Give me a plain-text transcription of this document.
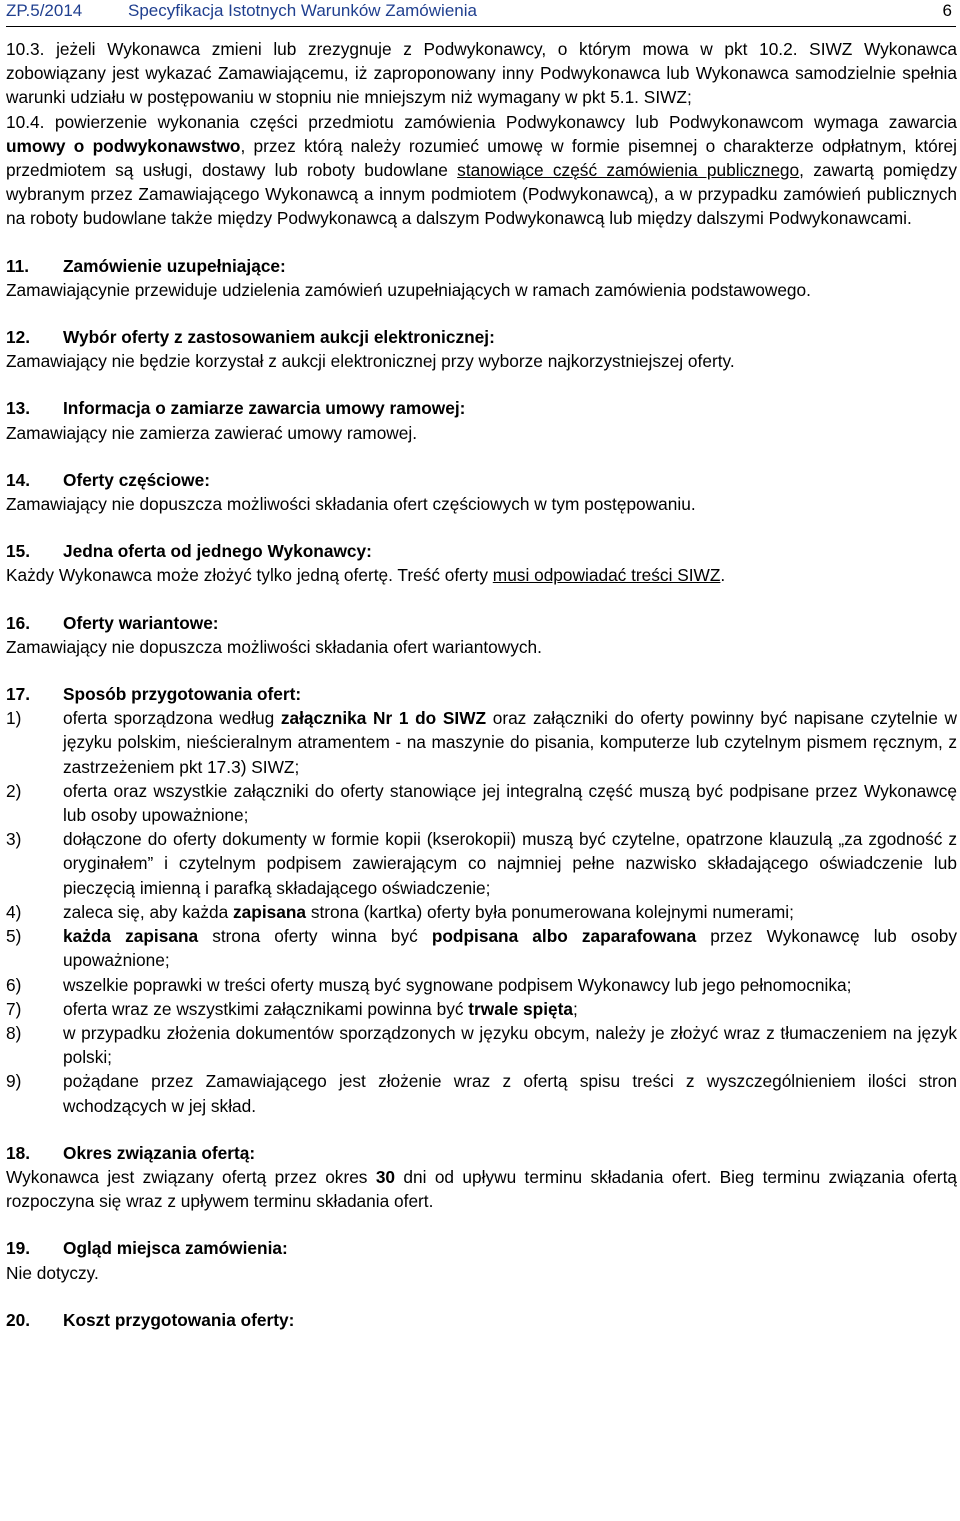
ZP.5/2014	Specyfikacja Istotnych Warunków Zamówienia	6
10.3. jeżeli Wykonawca zmieni lub zrezygnuje z Podwykonawcy, o którym mowa w pkt 10.2. SIWZ Wykonawca zobowiązany jest wykazać Zamawiającemu, iż zaproponowany inny Podwykonawca lub Wykonawca samodzielnie spełnia warunki udziału w postępowaniu w stopniu nie mniejszym niż wymagany w pkt 5.1. SIWZ;
10.4. powierzenie wykonania części przedmiotu zamówienia Podwykonawcy lub Podwykonawcom wymaga zawarcia umowy o podwykonawstwo, przez którą należy rozumieć umowę w formie pisemnej o charakterze odpłatnym, której przedmiotem są usługi, dostawy lub roboty budowlane stanowiące część zamówienia publicznego, zawartą pomiędzy wybranym przez Zamawiającego Wykonawcą a innym podmiotem (Podwykonawcą), a w przypadku zamówień publicznych na roboty budowlane także między Podwykonawcą a dalszym Podwykonawcą lub między dalszymi Podwykonawcami.
11.	Zamówienie uzupełniające:
Zamawiającynie przewiduje udzielenia zamówień uzupełniających w ramach zamówienia podstawowego.
12.	Wybór oferty z zastosowaniem aukcji elektronicznej:
Zamawiający nie będzie korzystał z aukcji elektronicznej przy wyborze najkorzystniejszej oferty.
13.	Informacja o zamiarze zawarcia umowy ramowej:
Zamawiający nie zamierza zawierać umowy ramowej.
14.	Oferty częściowe:
Zamawiający nie dopuszcza możliwości składania ofert częściowych w tym postępowaniu.
15.	Jedna oferta od jednego Wykonawcy:
Każdy Wykonawca może złożyć tylko jedną ofertę. Treść oferty musi odpowiadać treści SIWZ.
16.	Oferty wariantowe:
Zamawiający nie dopuszcza możliwości składania ofert wariantowych.
17.	Sposób przygotowania ofert:
1)	oferta sporządzona według załącznika Nr 1 do SIWZ oraz załączniki do oferty powinny być napisane czytelnie w języku polskim, nieścieralnym atramentem - na maszynie do pisania, komputerze lub czytelnym pismem ręcznym, z zastrzeżeniem pkt 17.3) SIWZ;
2)	oferta oraz wszystkie załączniki do oferty stanowiące jej integralną część muszą być podpisane przez Wykonawcę lub osoby upoważnione;
3)	dołączone do oferty dokumenty w formie kopii (kserokopii) muszą być czytelne, opatrzone klauzulą „za zgodność z oryginałem” i czytelnym podpisem zawierającym co najmniej pełne nazwisko składającego oświadczenie lub pieczęcią imienną i parafką składającego oświadczenie;
4)	zaleca się, aby każda zapisana strona (kartka) oferty była ponumerowana kolejnymi numerami;
5)	każda zapisana strona oferty winna być podpisana albo zaparafowana przez Wykonawcę lub osoby upoważnione;
6)	wszelkie poprawki w treści oferty muszą być sygnowane podpisem Wykonawcy lub jego pełnomocnika;
7)	oferta wraz ze wszystkimi załącznikami powinna być trwale spięta;
8)	w przypadku złożenia dokumentów sporządzonych w języku obcym, należy je złożyć wraz z tłumaczeniem na język polski;
9)	pożądane przez Zamawiającego jest złożenie wraz z ofertą spisu treści z wyszczególnieniem ilości stron wchodzących w jej skład.
18.	Okres związania ofertą:
Wykonawca jest związany ofertą przez okres 30 dni od upływu terminu składania ofert. Bieg terminu związania ofertą rozpoczyna się wraz z upływem terminu składania ofert.
19.	Ogląd miejsca zamówienia:
Nie dotyczy.
20.	Koszt przygotowania oferty:
